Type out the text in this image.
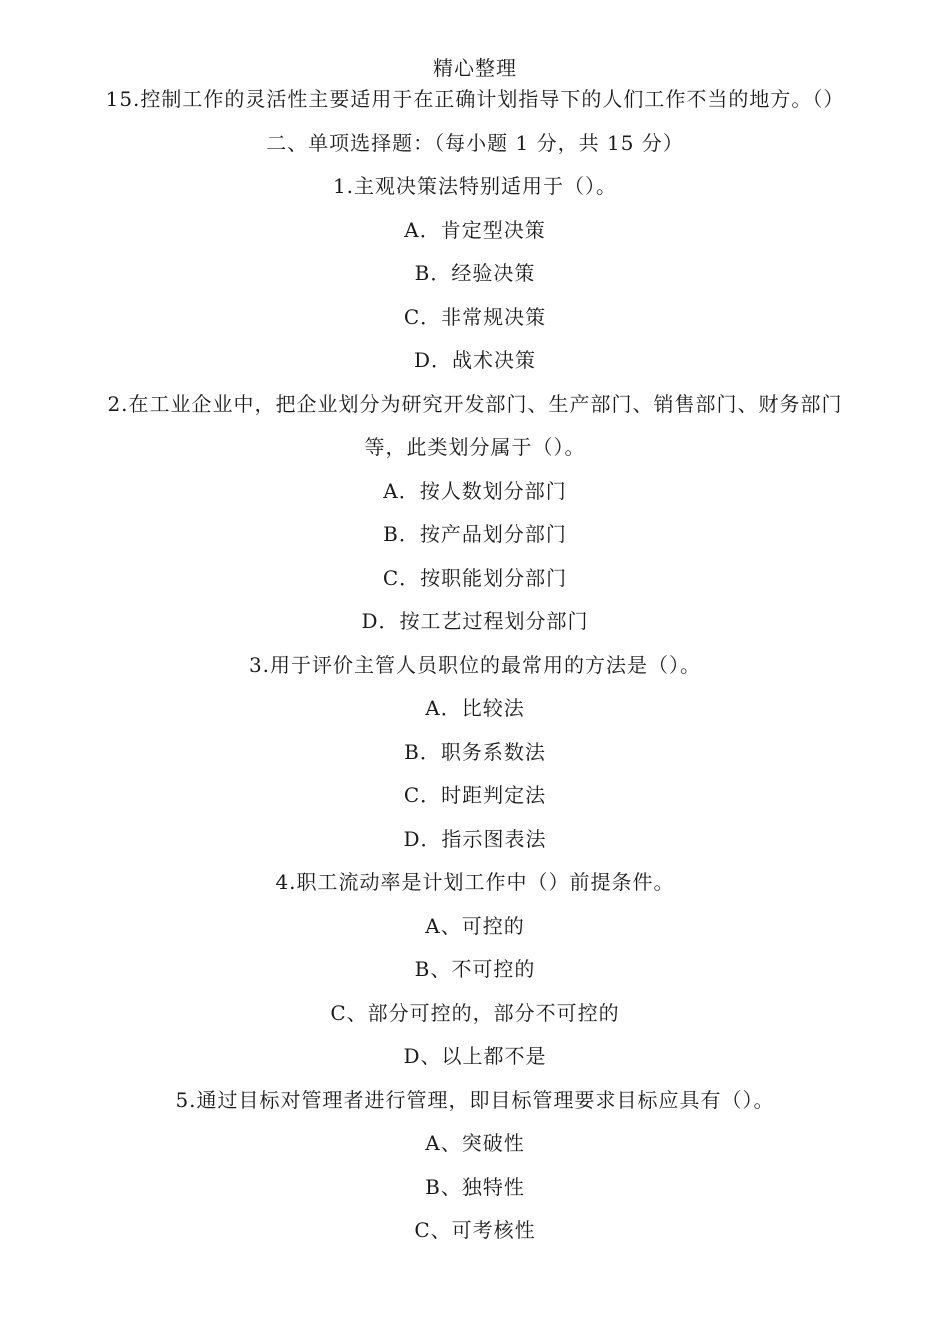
精心整理
15.控制工作的灵活性主要适用于在正确计划指导下的人们工作不当的地方。（）
二、单项选择题：（每小题 1 分，共 15 分）
1.主观决策法特别适用于（）。
A．肯定型决策
B．经验决策
C．非常规决策
D．战术决策
2.在工业企业中，把企业划分为研究开发部门、生产部门、销售部门、财务部门
等，此类划分属于（）。
A．按人数划分部门
B．按产品划分部门
C．按职能划分部门
D．按工艺过程划分部门
3.用于评价主管人员职位的最常用的方法是（）。
A．比较法
B．职务系数法
C．时距判定法
D．指示图表法
4.职工流动率是计划工作中（）前提条件。
A、可控的
B、不可控的
C、部分可控的，部分不可控的
D、以上都不是
5.通过目标对管理者进行管理，即目标管理要求目标应具有（）。
A、突破性
B、独特性
C、可考核性
